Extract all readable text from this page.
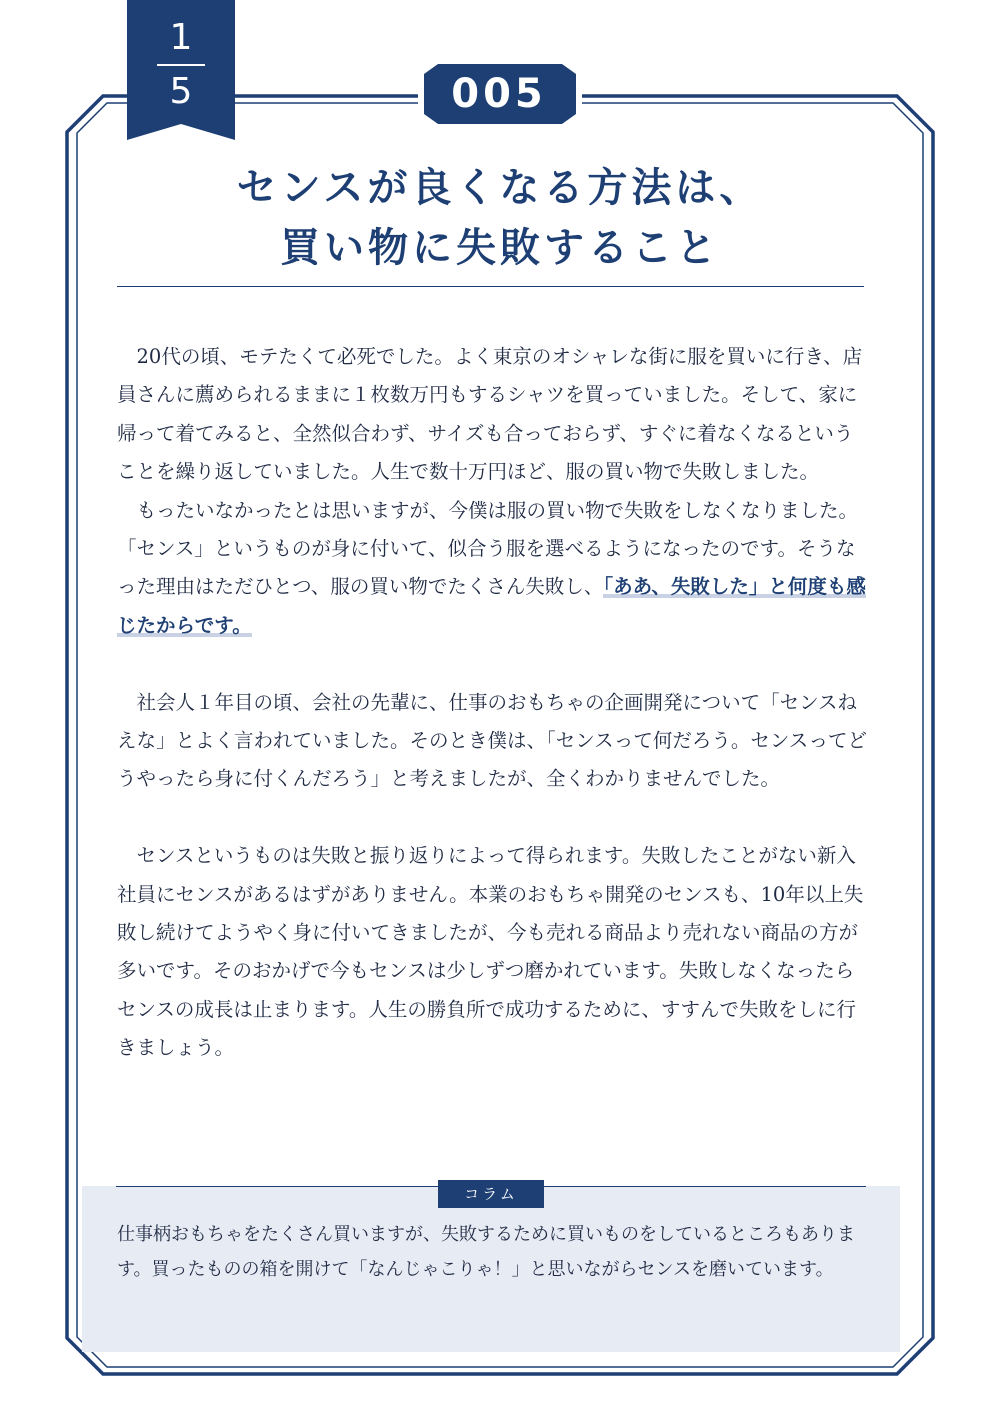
1
5	005
センスが良くなる方法は、
買い物に失敗すること

20代の頃、モテたくて必死でした。よく東京のオシャレな街に服を買いに行き、店員さんに薦められるままに１枚数万円もするシャツを買っていました。そして、家に帰って着てみると、全然似合わず、サイズも合っておらず、すぐに着なくなるということを繰り返していました。人生で数十万円ほど、服の買い物で失敗しました。

もったいなかったとは思いますが、今僕は服の買い物で失敗をしなくなりました。「センス」というものが身に付いて、似合う服を選べるようになったのです。そうなった理由はただひとつ、服の買い物でたくさん失敗し、「ああ、失敗した」と何度も感じたからです。

社会人１年目の頃、会社の先輩に、仕事のおもちゃの企画開発について「センスねえな」とよく言われていました。そのとき僕は、「センスって何だろう。センスってどうやったら身に付くんだろう」と考えましたが、全くわかりませんでした。

センスというものは失敗と振り返りによって得られます。失敗したことがない新入社員にセンスがあるはずがありません。本業のおもちゃ開発のセンスも、10年以上失敗し続けてようやく身に付いてきましたが、今も売れる商品より売れない商品の方が多いです。そのおかげで今もセンスは少しずつ磨かれています。失敗しなくなったらセンスの成長は止まります。人生の勝負所で成功するために、すすんで失敗をしに行きましょう。

コラム
仕事柄おもちゃをたくさん買いますが、失敗するために買いものをしているところもあります。買ったものの箱を開けて「なんじゃこりゃ！」と思いながらセンスを磨いています。
